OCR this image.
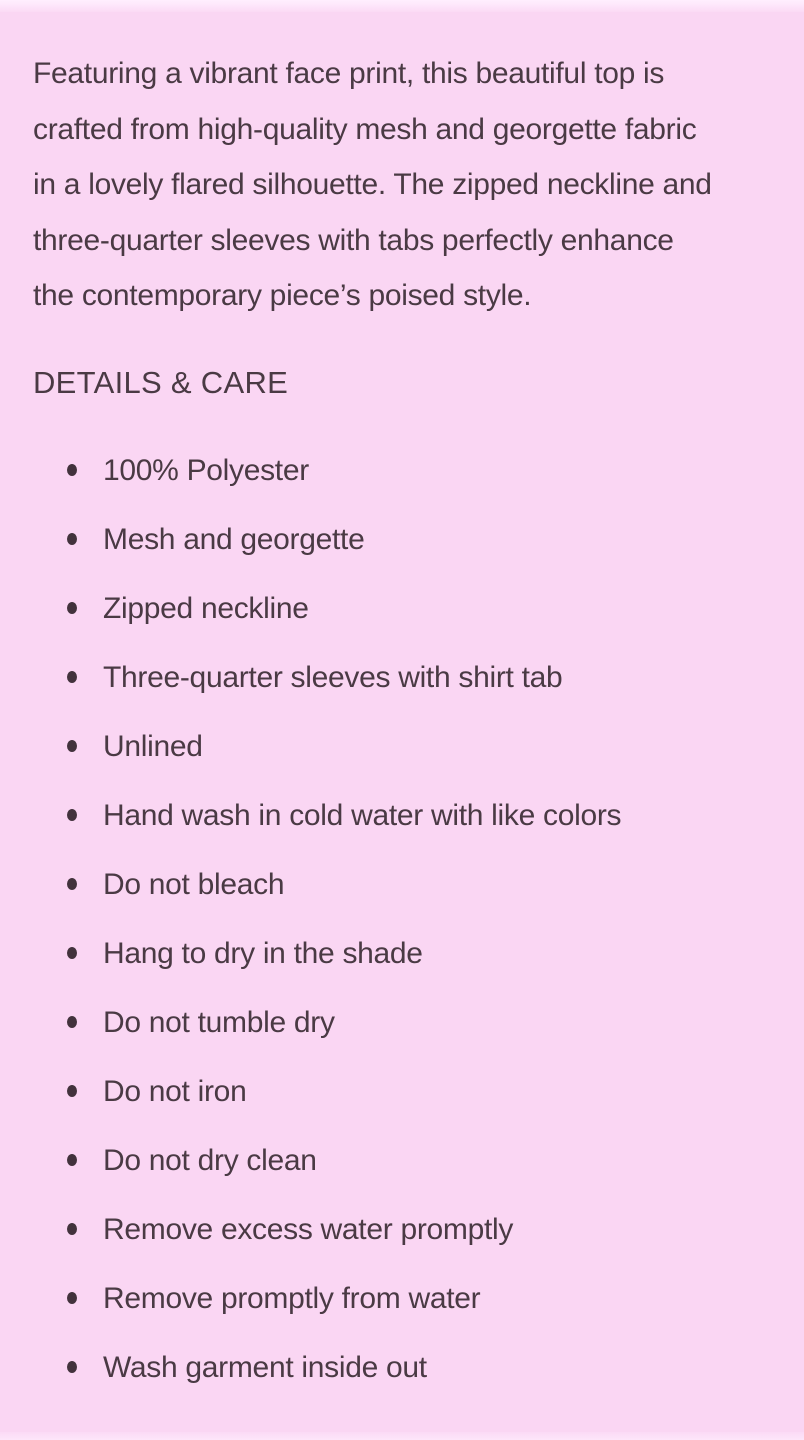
Featuring a vibrant face print, this beautiful top is
crafted from high-quality mesh and georgette fabric
in a lovely flared silhouette. The zipped neckline and
three-quarter sleeves with tabs perfectly enhance
the contemporary piece’s poised style.

DETAILS & CARE
100% Polyester
Mesh and georgette
Zipped neckline
Three-quarter sleeves with shirt tab
Unlined
Hand wash in cold water with like colors
Do not bleach
Hang to dry in the shade
Do not tumble dry
Do not iron
Do not dry clean
Remove excess water promptly
Remove promptly from water
Wash garment inside out
